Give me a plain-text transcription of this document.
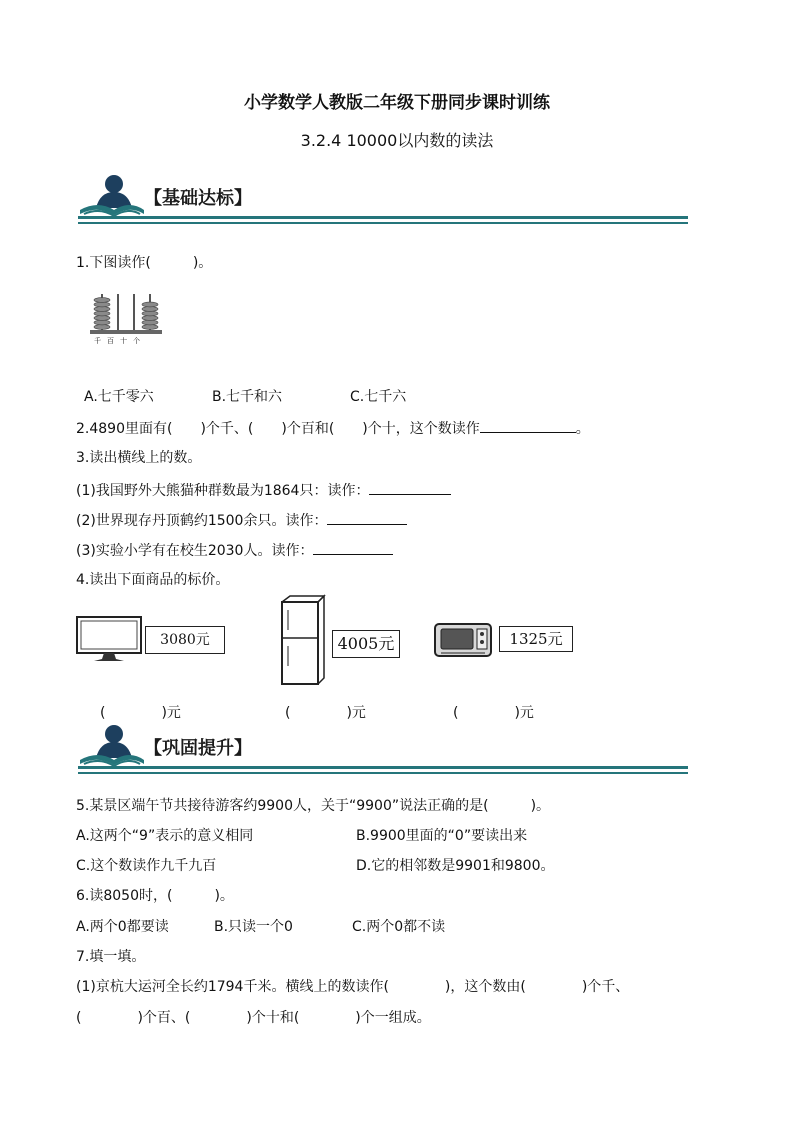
小学数学人教版二年级下册同步课时训练
3.2.4 10000以内数的读法
【基础达标】
1.下图读作(　　　)。
千百十个
A.七千零六	B.七千和六	C.七千六
2.4890里面有(　　)个千、(　　)个百和(　　)个十，这个数读作	。
3.读出横线上的数。
(1)我国野外大熊猫种群数最为1864只：读作：
(2)世界现存丹顶鹤约1500余只。读作：
(3)实验小学有在校生2030人。读作：
4.读出下面商品的标价。
3080元	4005元	1325元
(　　　　)元	(　　　　)元	(　　　　)元
【巩固提升】
5.某景区端午节共接待游客约9900人，关于“9900”说法正确的是(　　　)。
A.这两个“9”表示的意义相同	B.9900里面的“0”要读出来
C.这个数读作九千九百	D.它的相邻数是9901和9800。
6.读8050时，(　　　)。
A.两个0都要读	B.只读一个0	C.两个0都不读
7.填一填。
(1)京杭大运河全长约1794千米。横线上的数读作(　　　　)，这个数由(　　　　)个千、
(　　　　)个百、(　　　　)个十和(　　　　)个一组成。
